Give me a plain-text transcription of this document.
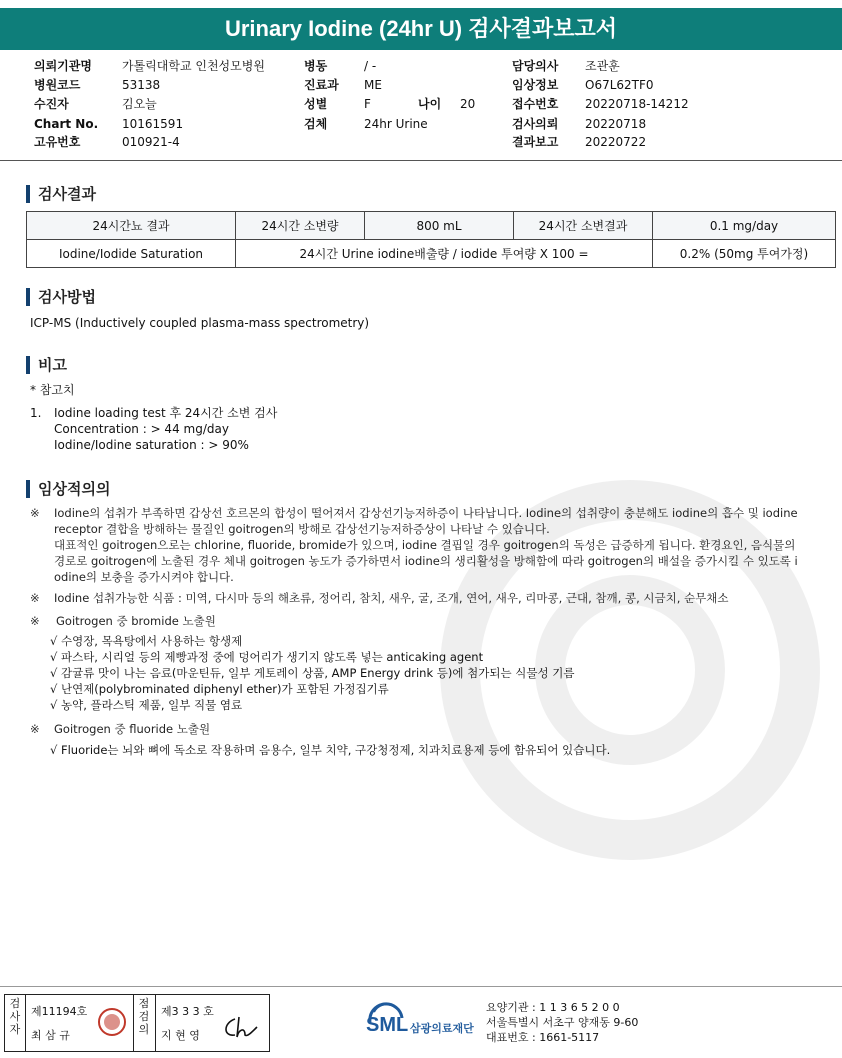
Urinary Iodine (24hr U) 검사결과보고서
의뢰기관명	가톨릭대학교 인천성모병원
병원코드	53138
수진자	김오늘
Chart No. 10161591
고유번호	010921-4
병동	/ -
진료과 ME
성별	F	나이 20
검체	24hr Urine
담당의사 조관훈
임상정보 O67L62TF0
접수번호 20220718-14212
검사의뢰 20220718
결과보고 20220722
검사결과
24시간뇨 결과	24시간 소변량	800 mL	24시간 소변결과	0.1 mg/day
Iodine/Iodide Saturation	24시간 Urine iodine배출량 / iodide 투여량 X 100 =			0.2% (50mg 투여가정)
검사방법
ICP-MS (Inductively coupled plasma-mass spectrometry)
비고
* 참고치
1. Iodine loading test 후 24시간 소변 검사
Concentration : > 44 mg/day
Iodine/Iodine saturation : > 90%
임상적의의
※ Iodine의 섭취가 부족하면 갑상선 호르몬의 합성이 떨어져서 갑상선기능저하증이 나타납니다. Iodine의 섭취량이 충분해도 iodine의 흡수 및 iodine
receptor 결합을 방해하는 물질인 goitrogen의 방해로 갑상선기능저하증상이 나타날 수 있습니다.
대표적인 goitrogen으로는 chlorine, fluoride, bromide가 있으며, iodine 결핍일 경우 goitrogen의 독성은 급증하게 됩니다. 환경요인, 음식물의
경로로 goitrogen에 노출된 경우 체내 goitrogen 농도가 증가하면서 iodine의 생리활성을 방해함에 따라 goitrogen의 배설을 증가시킬 수 있도록 i
odine의 보충을 증가시켜야 합니다.
※ Iodine 섭취가능한 식품 : 미역, 다시마 등의 해초류, 정어리, 참치, 새우, 굴, 조개, 연어, 새우, 리마콩, 근대, 참깨, 콩, 시금치, 순무채소
※ Goitrogen 중 bromide 노출원
√ 수영장, 목욕탕에서 사용하는 항생제
√ 파스타, 시리얼 등의 제빵과정 중에 덩어리가 생기지 않도록 넣는 anticaking agent
√ 감귤류 맛이 나는 음료(마운틴듀, 일부 게토레이 상품, AMP Energy drink 등)에 첨가되는 식물성 기름
√ 난연제(polybrominated diphenyl ether)가 포함된 가정집기류
√ 농약, 플라스틱 제품, 일부 직물 염료
※ Goitrogen 중 fluoride 노출원
√ Fluoride는 뇌와 뼈에 독소로 작용하며 음용수, 일부 치약, 구강청정제, 치과치료용제 등에 함유되어 있습니다.
검사자
제11194호
최 삼 규
점검의
제3 3 3 호
지 현 영	SML 삼광의료재단
요양기관 : 1 1 3 6 5 2 0 0
서울특별시 서초구 양재동 9-60
대표번호 : 1661-5117
